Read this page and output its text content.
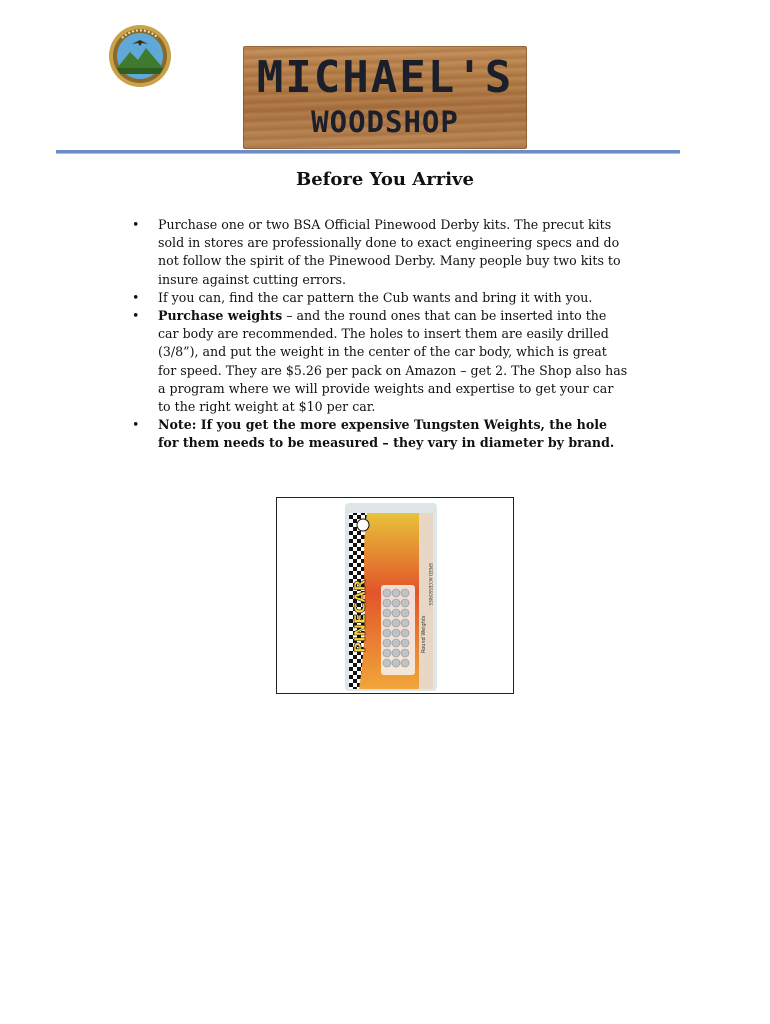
MICHAEL'S
WOODSHOP
Before You Arrive
• Purchase one or two BSA Official Pinewood Derby kits. The precut kits sold in stores are professionally done to exact engineering specs and do not follow the spirit of the Pinewood Derby. Many people buy two kits to insure against cutting errors.
• If you can, find the car pattern the Cub wants and bring it with you.
• Purchase weights – and the round ones that can be inserted into the car body are recommended. The holes to insert them are easily drilled (3/8”), and put the weight in the center of the car body, which is great for speed. They are $5.26 per pack on Amazon – get 2. The Shop also has a program where we will provide weights and expertise to get your car to the right weight at $10 per car.
• Note: If you get the more expensive Tungsten Weights, the hole for them needs to be measured – they vary in diameter by brand.
PINECAR	Round Weights
SPEED ACCESSORIES
